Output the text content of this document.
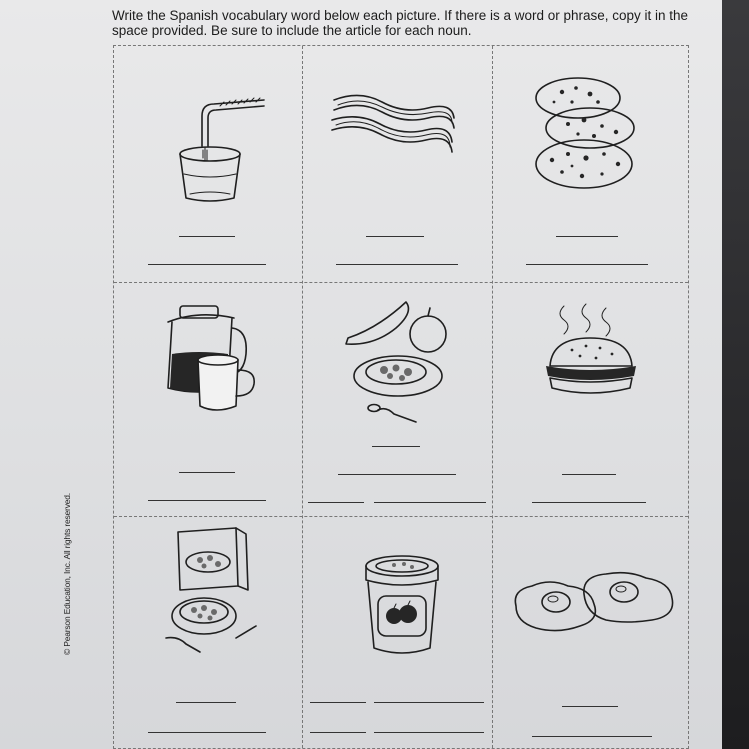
Write the Spanish vocabulary word below each picture. If there is a word or phrase, copy it in the space provided. Be sure to include the article for each noun.

© Pearson Education, Inc. All rights reserved.
